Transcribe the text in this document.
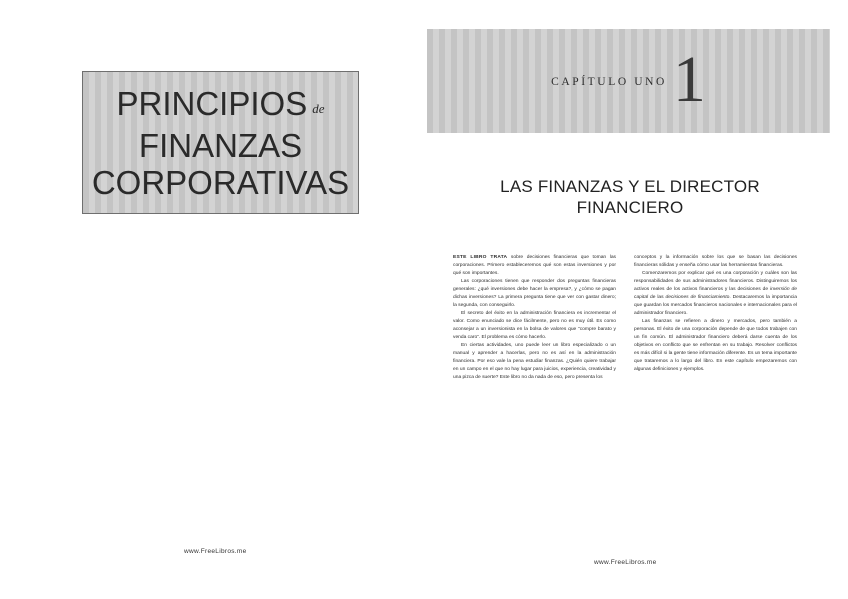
PRINCIPIOS de
FINANZAS
CORPORATIVAS
www.FreeLibros.me
CAPÍTULO UNO 1
LAS FINANZAS Y EL DIRECTOR
FINANCIERO

ESTE LIBRO TRATA sobre decisiones financieras que toman las corporaciones. Primero estableceremos qué son estas inversiones y por qué son importantes.

Las corporaciones tienen que responder dos preguntas financieras generales: ¿qué inversiones debe hacer la empresa?, y ¿cómo se pagan dichas inversiones? La primera pregunta tiene que ver con gastar dinero; la segunda, con conseguirlo.

El secreto del éxito en la administración financiera es incrementar el valor. Como enunciado se dice fácilmente, pero no es muy útil. Es como aconsejar a un inversionista en la bolsa de valores que “compre barato y venda caro”. El problema es cómo hacerlo.

En ciertas actividades, uno puede leer un libro especializado o un manual y aprender a hacerlas, pero no es así en la administración financiera. Por eso vale la pena estudiar finanzas. ¿Quién quiere trabajar en un campo en el que no hay lugar para juicios, experiencia, creatividad y una pizca de suerte? Este libro no da nada de eso, pero presenta los

conceptos y la información sobre los que se basan las decisiones financieras sólidas y enseña cómo usar las herramientas financieras.

Comenzaremos por explicar qué es una corporación y cuáles son las responsabilidades de sus administradores financieros. Distinguiremos los activos reales de los activos financieros y las decisiones de inversión de capital de las decisiones de financiamiento. Destacaremos la importancia que guardan los mercados financieros nacionales e internacionales para el administrador financiero.

Las finanzas se refieren a dinero y mercados, pero también a personas. El éxito de una corporación depende de que todos trabajen con un fin común. El administrador financiero deberá darse cuenta de los objetivos en conflicto que se enfrentan en su trabajo. Resolver conflictos es más difícil si la gente tiene información diferente. Es un tema importante que trataremos a lo largo del libro. En este capítulo empezaremos con algunas definiciones y ejemplos.

www.FreeLibros.me
